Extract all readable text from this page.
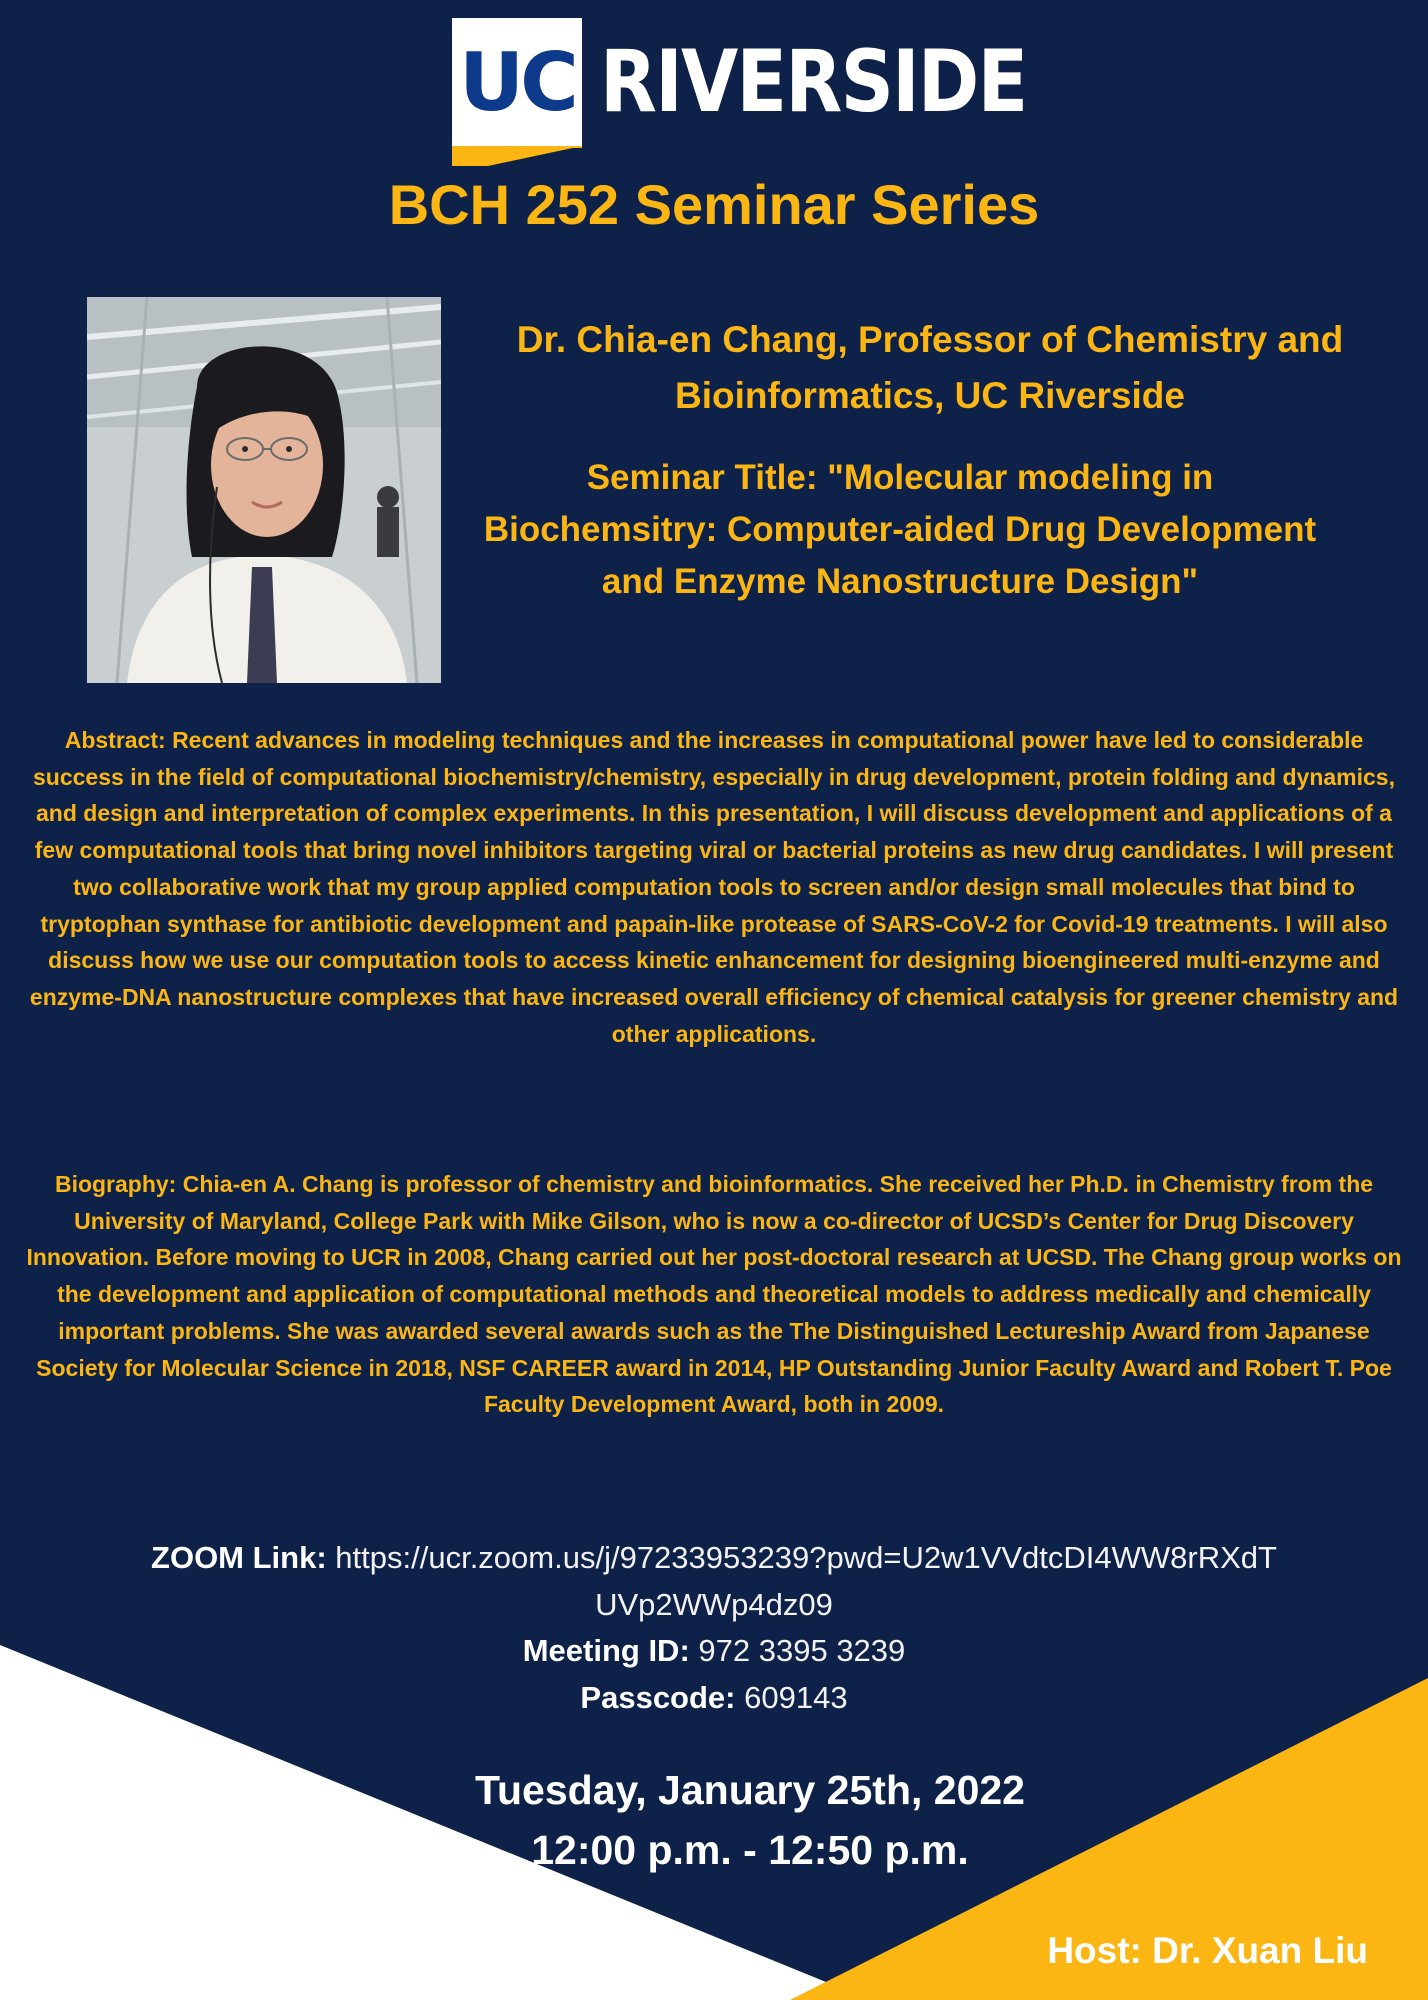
UC RIVERSIDE
BCH 252 Seminar Series

Dr. Chia-en Chang, Professor of Chemistry and Bioinformatics, UC Riverside

Seminar Title: "Molecular modeling in Biochemsitry: Computer-aided Drug Development and Enzyme Nanostructure Design"

Abstract: Recent advances in modeling techniques and the increases in computational power have led to considerable success in the field of computational biochemistry/chemistry, especially in drug development, protein folding and dynamics, and design and interpretation of complex experiments. In this presentation, I will discuss development and applications of a few computational tools that bring novel inhibitors targeting viral or bacterial proteins as new drug candidates. I will present two collaborative work that my group applied computation tools to screen and/or design small molecules that bind to tryptophan synthase for antibiotic development and papain-like protease of SARS-CoV-2 for Covid-19 treatments. I will also discuss how we use our computation tools to access kinetic enhancement for designing bioengineered multi-enzyme and enzyme-DNA nanostructure complexes that have increased overall efficiency of chemical catalysis for greener chemistry and other applications.

Biography: Chia-en A. Chang is professor of chemistry and bioinformatics. She received her Ph.D. in Chemistry from the University of Maryland, College Park with Mike Gilson, who is now a co-director of UCSD’s Center for Drug Discovery Innovation. Before moving to UCR in 2008, Chang carried out her post-doctoral research at UCSD. The Chang group works on the development and application of computational methods and theoretical models to address medically and chemically important problems. She was awarded several awards such as the The Distinguished Lectureship Award from Japanese Society for Molecular Science in 2018, NSF CAREER award in 2014, HP Outstanding Junior Faculty Award and Robert T. Poe Faculty Development Award, both in 2009.

ZOOM Link: https://ucr.zoom.us/j/97233953239?pwd=U2w1VVdtcDI4WW8rRXdTUVp2WWp4dz09
Meeting ID: 972 3395 3239
Passcode: 609143
Tuesday, January 25th, 2022
12:00 p.m. - 12:50 p.m.

Host: Dr. Xuan Liu
